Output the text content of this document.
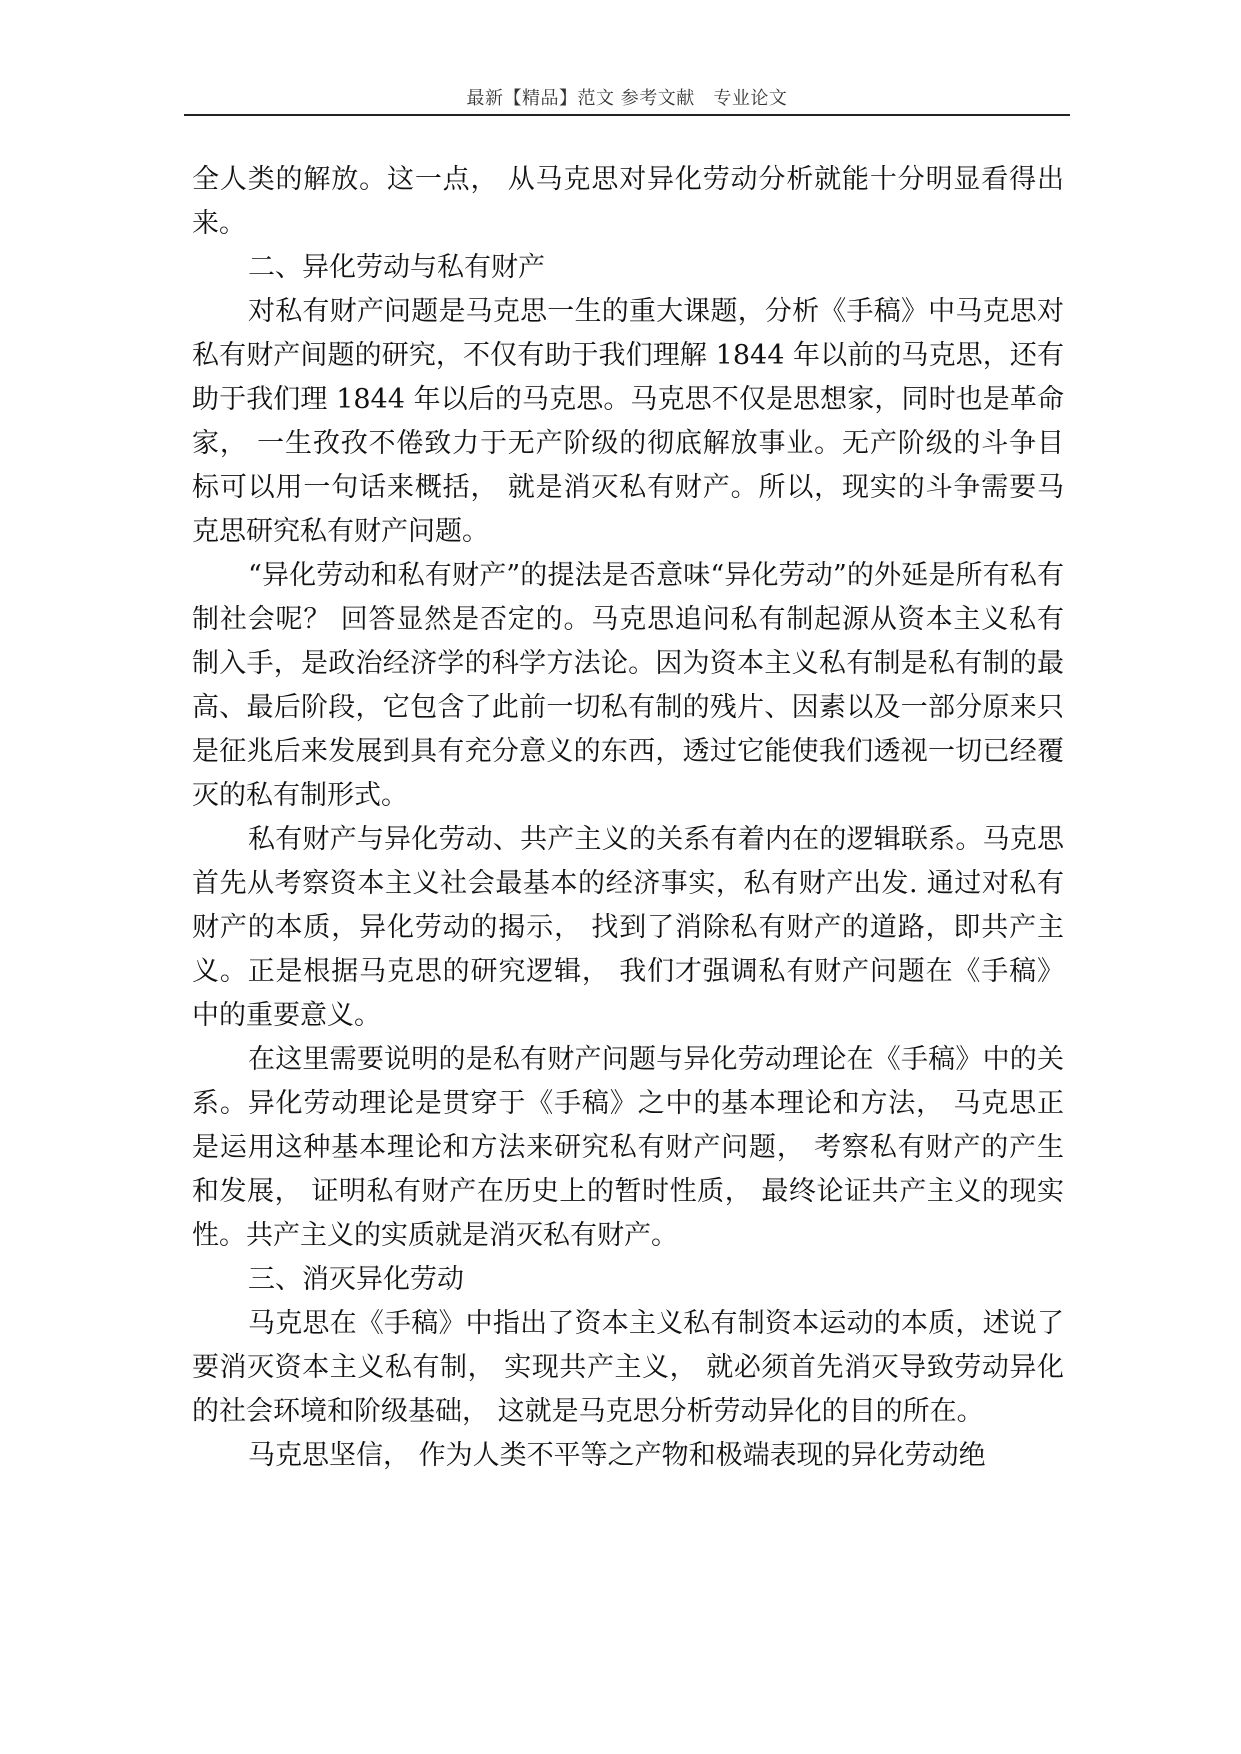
最新【精品】范文 参考文献   专业论文

全人类的解放。这一点， 从马克思对异化劳动分析就能十分明显看得出来。

二、异化劳动与私有财产

对私有财产问题是马克思一生的重大课题，分析《手稿》中马克思对私有财产间题的研究，不仅有助于我们理解 1844 年以前的马克思，还有助于我们理 1844 年以后的马克思。马克思不仅是思想家，同时也是革命家， 一生孜孜不倦致力于无产阶级的彻底解放事业。无产阶级的斗争目标可以用一句话来概括， 就是消灭私有财产。所以，现实的斗争需要马克思研究私有财产问题。

“异化劳动和私有财产”的提法是否意味“异化劳动”的外延是所有私有制社会呢？ 回答显然是否定的。马克思追问私有制起源从资本主义私有制入手，是政治经济学的科学方法论。因为资本主义私有制是私有制的最高、最后阶段，它包含了此前一切私有制的残片、因素以及一部分原来只是征兆后来发展到具有充分意义的东西，透过它能使我们透视一切已经覆灭的私有制形式。

私有财产与异化劳动、共产主义的关系有着内在的逻辑联系。马克思首先从考察资本主义社会最基本的经济事实，私有财产出发. 通过对私有财产的本质，异化劳动的揭示， 找到了消除私有财产的道路，即共产主义。正是根据马克思的研究逻辑， 我们才强调私有财产问题在《手稿》中的重要意义。

在这里需要说明的是私有财产问题与异化劳动理论在《手稿》中的关系。异化劳动理论是贯穿于《手稿》之中的基本理论和方法， 马克思正是运用这种基本理论和方法来研究私有财产问题， 考察私有财产的产生和发展， 证明私有财产在历史上的暂时性质， 最终论证共产主义的现实性。共产主义的实质就是消灭私有财产。

三、消灭异化劳动

马克思在《手稿》中指出了资本主义私有制资本运动的本质，述说了要消灭资本主义私有制， 实现共产主义， 就必须首先消灭导致劳动异化的社会环境和阶级基础， 这就是马克思分析劳动异化的目的所在。

马克思坚信， 作为人类不平等之产物和极端表现的异化劳动绝
